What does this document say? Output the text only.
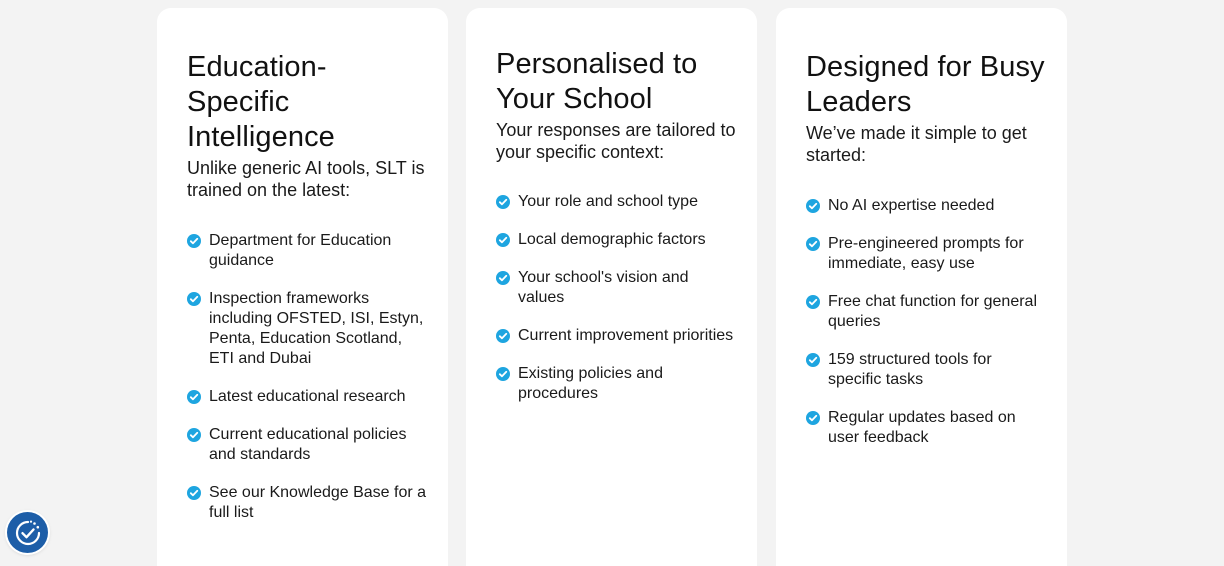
Education-
Specific
Intelligence

Unlike generic AI tools, SLT is trained on the latest:

Department for Education guidance
Inspection frameworks including OFSTED, ISI, Estyn, Penta, Education Scotland, ETI and Dubai
Latest educational research
Current educational policies and standards
See our Knowledge Base for a full list
Personalised to Your School

Your responses are tailored to your specific context:

Your role and school type
Local demographic factors
Your school's vision and values
Current improvement priorities
Existing policies and procedures
Designed for Busy Leaders

We’ve made it simple to get started:

No AI expertise needed
Pre-engineered prompts for immediate, easy use
Free chat function for general queries
159 structured tools for specific tasks
Regular updates based on user feedback
